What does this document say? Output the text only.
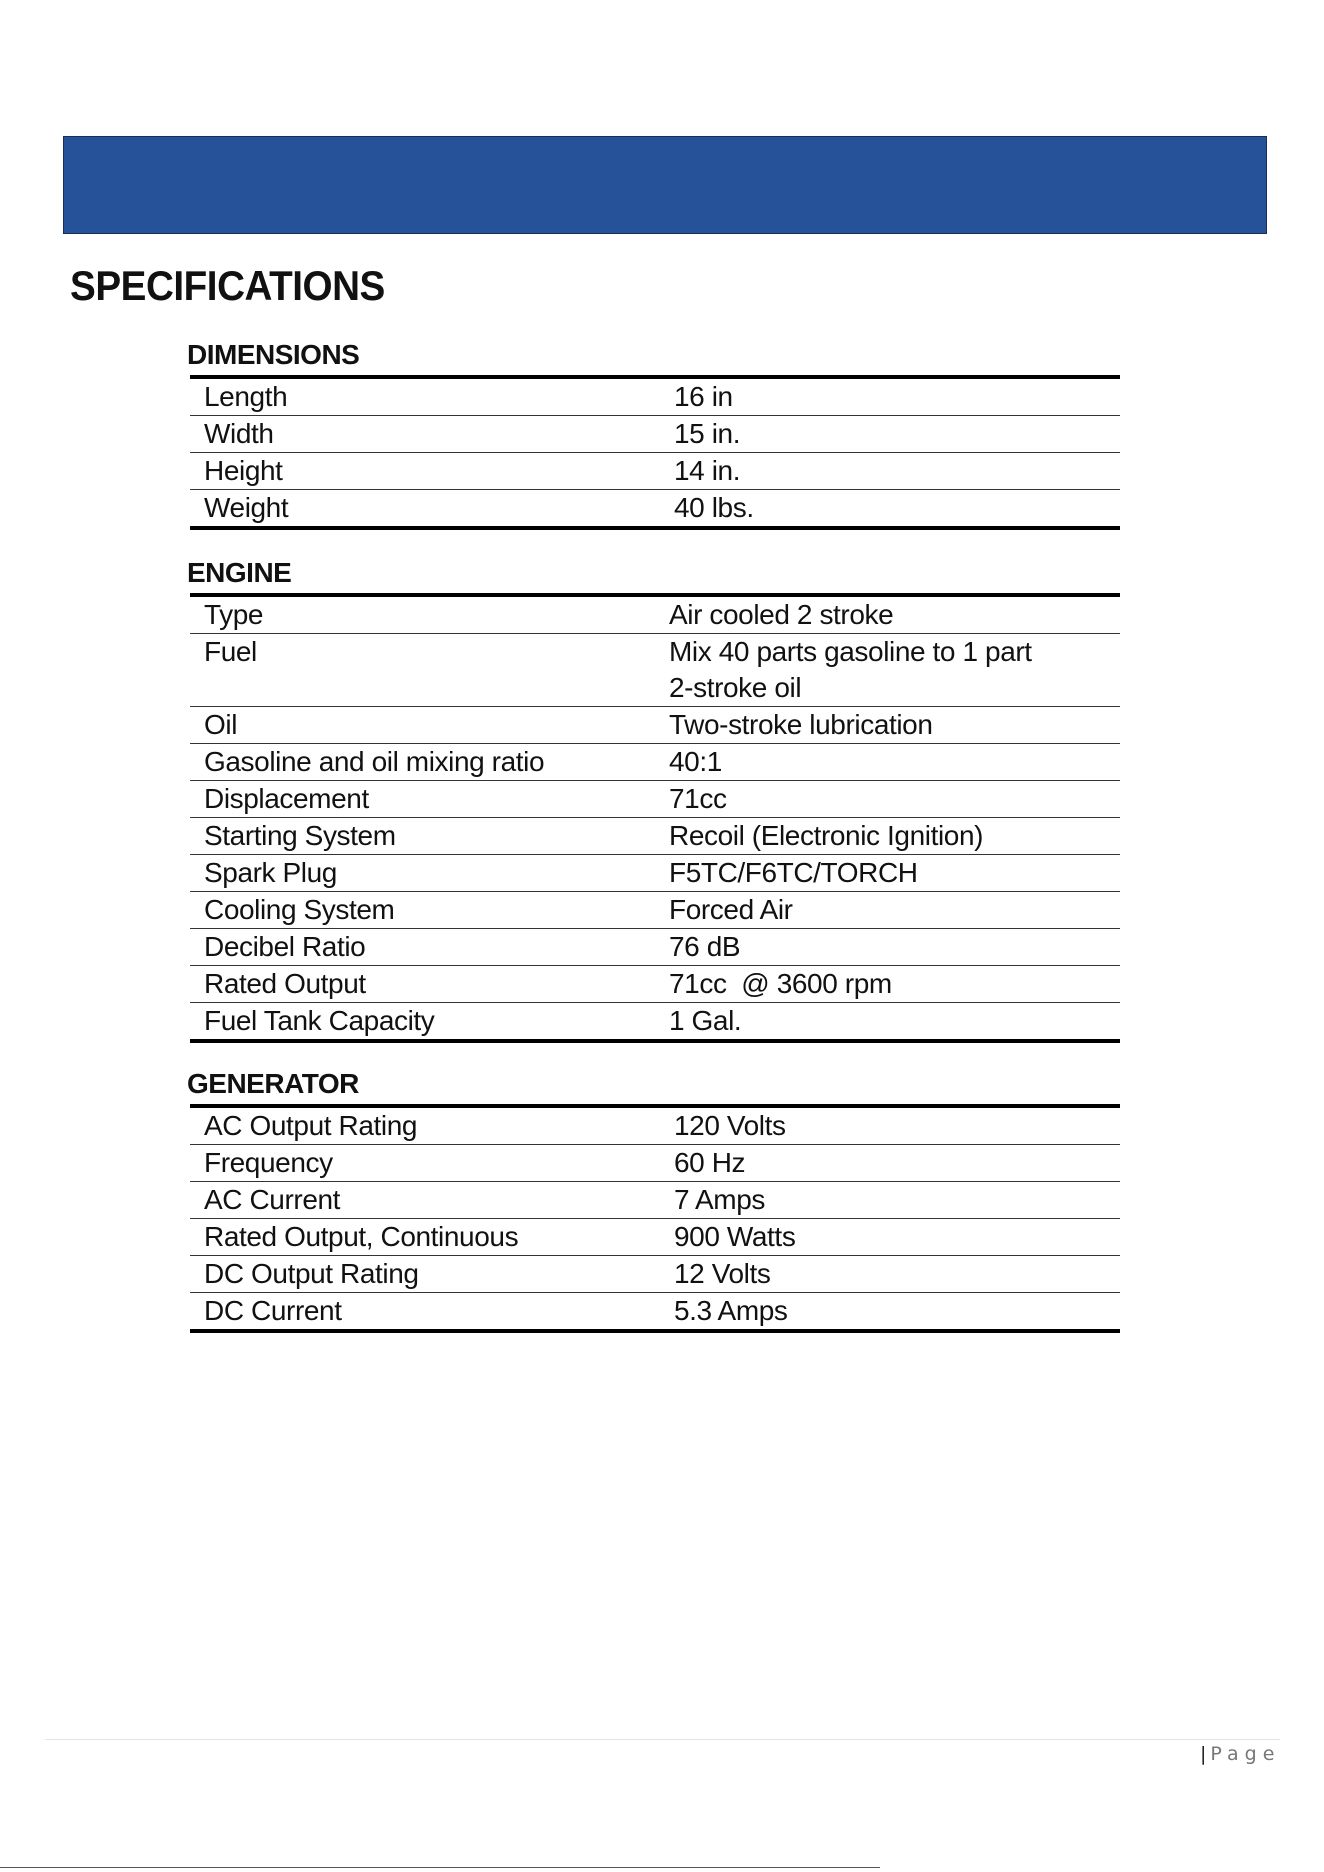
SPECIFICATIONS
DIMENSIONS
Length	16 in
Width	15 in.
Height	14 in.
Weight	40 lbs.
ENGINE
Type	Air cooled 2 stroke
Fuel	Mix 40 parts gasoline to 1 part 2-stroke oil
Oil	Two-stroke lubrication
Gasoline and oil mixing ratio	40:1
Displacement	71cc
Starting System	Recoil (Electronic Ignition)
Spark Plug	F5TC/F6TC/TORCH
Cooling System	Forced Air
Decibel Ratio	76 dB
Rated Output	71cc  @ 3600 rpm
Fuel Tank Capacity	1 Gal.
GENERATOR
AC Output Rating	120 Volts
Frequency	60 Hz
AC Current	7 Amps
Rated Output, Continuous	900 Watts
DC Output Rating	12 Volts
DC Current	5.3 Amps
|Page
